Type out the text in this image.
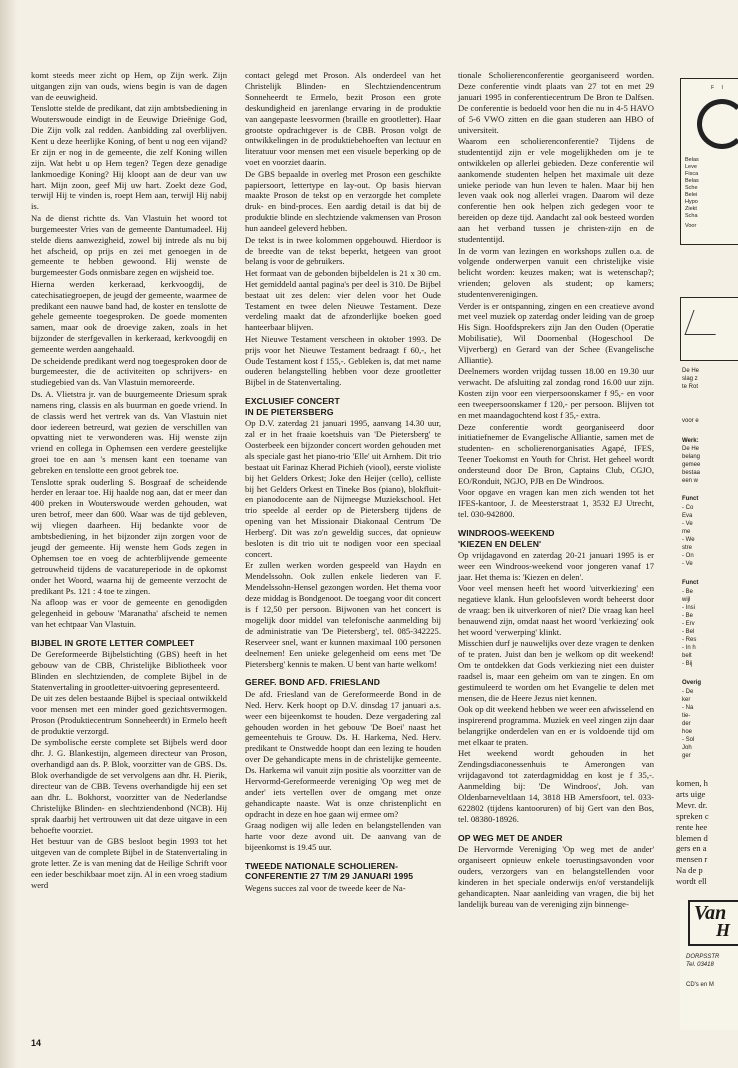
komt steeds meer zicht op Hem, op Zijn werk. Zijn uitgangen zijn van ouds, wiens begin is van de dagen van de eeuwigheid.

Tenslotte stelde de predikant, dat zijn ambtsbediening in Wouterswoude eindigt in de Eeuwige Drieënige God, Die Zijn volk zal redden. Aanbidding zal overblijven. Kent u deze heerlijke Koning, of bent u nog een vijand? Er zijn er nog in de gemeente, die zelf Koning willen zijn. Wat hebt u op Hem tegen? Tegen deze genadige lankmoedige Koning? Hij kloopt aan de deur van uw hart. Mijn zoon, geef Mij uw hart. Zoekt deze God, terwijl Hij te vinden is, roept Hem aan, terwijl Hij nabij is.

Na de dienst richtte ds. Van Vlastuin het woord tot burgemeester Vries van de gemeente Dantumadeel. Hij stelde diens aanwezigheid, zowel bij intrede als nu bij het afscheid, op prijs en zei met genoegen in de gemeente te hebben gewoond. Hij wenste de burgemeester Gods onmisbare zegen en wijsheid toe.

Hierna werden kerkeraad, kerkvoogdij, de catechisatiegroepen, de jeugd der gemeente, waarmee de predikant een nauwe band had, de koster en tenslotte de gehele gemeente toegesproken. De goede momenten samen, maar ook de droevige zaken, zoals in het bijzonder de sterfgevallen in kerkeraad, kerkvoogdij en gemeente werden aangehaald.

De scheidende predikant werd nog toegesproken door de burgemeester, die de activiteiten op schrijvers- en studiegebied van ds. Van Vlastuin memoreerde.

Ds. A. Vlietstra jr. van de buurgemeente Driesum sprak namens ring, classis en als buurman en goede vriend. In de classis werd het vertrek van ds. Van Vlastuin niet door iedereen betreurd, wat gezien de verschillen van opvatting niet te verwonderen was. Hij wenste zijn vriend en collega in Ophemsen een verdere geestelijke groei toe en aan 's mensen kant een toename van gebreken en tenslotte een groot gebrek toe.

Tenslotte sprak ouderling S. Bosgraaf de scheidende herder en leraar toe. Hij haalde nog aan, dat er meer dan 400 preken in Wouterswoude werden gehouden, wat uren betrof, meer dan 600. Waar was de tijd gebleven, wij vliegen daarheen. Hij bedankte voor de ambtsbediening, in het bijzonder zijn zorgen voor de jeugd der gemeente. Hij wenste hem Gods zegen in Ophemsen toe en voeg de achterblijvende gemeente getrouwheid tijdens de vacatureperiode in de opkomst onder het Woord, waarna hij de gemeente verzocht de predikant Ps. 121 : 4 toe te zingen.

Na afloop was er voor de gemeente en genodigden gelegenheid in gebouw 'Maranatha' afscheid te nemen van het echtpaar Van Vlastuin.

BIJBEL IN GROTE LETTER COMPLEET

De Gereformeerde Bijbelstichting (GBS) heeft in het gebouw van de CBB, Christelijke Bibliotheek voor Blinden en slechtzienden, de complete Bijbel in de Statenvertaling in grootletter-uitvoering gepresenteerd.

De uit zes delen bestaande Bijbel is speciaal ontwikkeld voor mensen met een minder goed gezichtsvermogen. Proson (Produktiecentrum Sonneheerdt) in Ermelo heeft de produktie verzorgd.

De symbolische eerste complete set Bijbels werd door dhr. J. G. Blankestijn, algemeen directeur van Proson, overhandigd aan ds. P. Blok, voorzitter van de GBS. Ds. Blok overhandigde de set vervolgens aan dhr. H. Pierik, directeur van de CBB. Tevens overhandigde hij een set aan dhr. L. Bokhorst, voorzitter van de Nederlandse Christelijke Blinden- en slechtziendenbond (NCB). Hij sprak daarbij het vertrouwen uit dat deze uitgave in een behoefte voorziet.

Het bestuur van de GBS besloot begin 1993 tot het uitgeven van de complete Bijbel in de Statenvertaling in grote letter. Ze is van mening dat de Heilige Schrift voor een ieder beschikbaar moet zijn. Al in een vroeg stadium werd

contact gelegd met Proson. Als onderdeel van het Christelijk Blinden- en Slechtziendencentrum Sonneheerdt te Ermelo, bezit Proson een grote deskundigheid en jarenlange ervaring in de produktie van aangepaste leesvormen (braille en grootletter). Haar grootste opdrachtgever is de CBB. Proson volgt de ontwikkelingen in de produktiebehoeften van lectuur en literatuur voor mensen met een visuele beperking op de voet en voorziet daarin.

De GBS bepaalde in overleg met Proson een geschikte papiersoort, lettertype en lay-out. Op basis hiervan maakte Proson de tekst op en verzorgde het complete druk- en bind-proces. Een aardig detail is dat bij de produktie blinde en slechtziende vakmensen van Proson hun aandeel geleverd hebben.

De tekst is in twee kolommen opgebouwd. Hierdoor is de breedte van de tekst beperkt, hetgeen van groot belang is voor de gebruikers.

Het formaat van de gebonden bijbeldelen is 21 x 30 cm. Het gemiddeld aantal pagina's per deel is 310. De Bijbel bestaat uit zes delen: vier delen voor het Oude Testament en twee delen Nieuwe Testament. Deze verdeling maakt dat de afzonderlijke boeken goed hanteerbaar blijven.

Het Nieuwe Testament verscheen in oktober 1993. De prijs voor het Nieuwe Testament bedraagt f 60,-, het Oude Testament kost f 155,-. Gebleken is, dat met name ouderen belangstelling hebben voor deze grootletter Bijbel in de Statenvertaling.

EXCLUSIEF CONCERT
IN DE PIETERSBERG

Op D.V. zaterdag 21 januari 1995, aanvang 14.30 uur, zal er in het fraaie koetshuis van 'De Pietersberg' te Oosterbeek een bijzonder concert worden gehouden met als speciale gast het piano-trio 'Elle' uit Arnhem. Dit trio bestaat uit Farinaz Kherad Pichieh (viool), eerste violiste bij het Gelders Orkest; Joke den Heijer (cello), celliste bij het Gelders Orkest en Tineke Bos (piano), blokfluit- en pianodocente aan de Nijmeegse Muziekschool. Het trio speelde al eerder op de Pietersberg tijdens de opening van het Missionair Diakonaal Centrum 'De Herberg'. Dit was zo'n geweldig succes, dat opnieuw besloten is dit trio uit te nodigen voor een speciaal concert.

Er zullen werken worden gespeeld van Haydn en Mendelssohn. Ook zullen enkele liederen van F. Mendelssohn-Hensel gezongen worden. Het thema voor deze middag is Bondgenoot. De toegang voor dit concert is f 12,50 per persoon. Bijwonen van het concert is mogelijk door middel van telefonische aanmelding bij de administratie van 'De Pietersberg', tel. 085-342225. Reserveer snel, want er kunnen maximaal 100 personen deelnemen! Een unieke gelegenheid om eens met 'De Pietersberg' kennis te maken. U bent van harte welkom!

GEREF. BOND AFD. FRIESLAND

De afd. Friesland van de Gereformeerde Bond in de Ned. Herv. Kerk hoopt op D.V. dinsdag 17 januari a.s. weer een bijeenkomst te houden. Deze vergadering zal gehouden worden in het gebouw 'De Boei' naast het gemeentehuis te Grouw. Ds. H. Harkema, Ned. Herv. predikant te Onstwedde hoopt dan een lezing te houden over De gehandicapte mens in de christelijke gemeente. Ds. Harkema wil vanuit zijn positie als voorzitter van de Hervormd-Gereformeerde vereniging 'Op weg met de ander' iets vertellen over de omgang met onze gehandicapte naaste. Wat is onze christenplicht en opdracht in deze en hoe gaan wij ermee om?

Graag nodigen wij alle leden en belangstellenden van harte voor deze avond uit. De aanvang van de bijeenkomst is 19.45 uur.

TWEEDE NATIONALE SCHOLIEREN-
CONFERENTIE 27 T/M 29 JANUARI 1995

Wegens succes zal voor de tweede keer de Na-

tionale Scholierenconferentie georganiseerd worden. Deze conferentie vindt plaats van 27 tot en met 29 januari 1995 in conferentiecentrum De Bron te Dalfsen. De conferentie is bedoeld voor hen die nu in 4-5 HAVO of 5-6 VWO zitten en die gaan studeren aan HBO of universiteit.

Waarom een scholierenconferentie? Tijdens de studententijd zijn er vele mogelijkheden om je te ontwikkelen op allerlei gebieden. Deze conferentie wil aankomende studenten helpen het maximale uit deze unieke periode van hun leven te halen. Maar bij hen leven vaak ook nog allerlei vragen. Daarom wil deze conferentie hen ook helpen zich gedegen voor te bereiden op deze tijd. Aandacht zal ook besteed worden aan het verband tussen je christen-zijn en de studententijd.

In de vorm van lezingen en workshops zullen o.a. de volgende onderwerpen vanuit een christelijke visie belicht worden: keuzes maken; wat is wetenschap?; vrienden; geloven als student; op kamers; studentenverenigingen.

Verder is er ontspanning, zingen en een creatieve avond met veel muziek op zaterdag onder leiding van de groep His Sign. Hoofdsprekers zijn Jan den Ouden (Operatie Mobilisatie), Wil Doornenbal (Hogeschool De Vijverberg) en Gerard van der Schee (Evangelische Alliantie).

Deelnemers worden vrijdag tussen 18.00 en 19.30 uur verwacht. De afsluiting zal zondag rond 16.00 uur zijn. Kosten zijn voor een vierpersoonskamer f 95,- en voor een tweepersoonskamer f 120,- per persoon. Blijven tot en met maandagochtend kost f 35,- extra.

Deze conferentie wordt georganiseerd door initiatiefnemer de Evangelische Alliantie, samen met de studenten- en scholierenorganisaties Agapé, IFES, Teener Toekomst en Youth for Christ. Het geheel wordt ondersteund door De Bron, Captains Club, CGJO, EO/Ronduit, NGJO, PJB en De Windroos.

Voor opgave en vragen kan men zich wenden tot het IFES-kantoor, J. de Meesterstraat 1, 3532 EJ Utrecht, tel. 030-942800.

WINDROOS-WEEKEND
'KIEZEN EN DELEN'

Op vrijdagavond en zaterdag 20-21 januari 1995 is er weer een Windroos-weekend voor jongeren vanaf 17 jaar. Het thema is: 'Kiezen en delen'.

Voor veel mensen heeft het woord 'uitverkiezing' een negatieve klank. Hun geloofsleven wordt beheerst door de vraag: ben ik uitverkoren of niet? Die vraag kan heel benauwend zijn, omdat naast het woord 'verkiezing' ook het woord 'verwerping' klinkt.

Misschien durf je nauwelijks over deze vragen te denken of te praten. Juist dan ben je welkom op dit weekend! Om te ontdekken dat Gods verkiezing niet een duister raadsel is, maar een geheim om van te zingen. En om gestimuleerd te worden om het Evangelie te delen met mensen, die de Heere Jezus niet kennen.

Ook op dit weekend hebben we weer een afwisselend en inspirerend programma. Muziek en veel zingen zijn daar belangrijke onderdelen van en er is voldoende tijd om met elkaar te praten.

Het weekend wordt gehouden in het Zendingsdiaconessenhuis te Amerongen van vrijdagavond tot zaterdagmiddag en kost je f 35,-. Aanmelding bij: 'De Windroos', Joh. van Oldenbarneveltlaan 14, 3818 HB Amersfoort, tel. 033-622802 (tijdens kantooruren) of bij Gert van den Bos, tel. 08380-18926.

OP WEG MET DE ANDER

De Hervormde Vereniging 'Op weg met de ander' organiseert opnieuw enkele toerustingsavonden voor ouders, verzorgers van en belangstellenden voor kinderen in het speciale onderwijs en/of verstandelijk gehandicapten. Naar aanleiding van vragen, die bij het landelijk bureau van de vereniging zijn binnenge-

14
F I
Belas
Leve
Fisca
Belas
Sche
Belei
Hypo
Ziekt
Scha
Voor
De He
slag z
te Rot
voor e
Werk:
De He
belang
gemee
bestaa
een w
Funct
- Co
Eva
- Ve
me
- We
stre
- On
- Ve
Funct
- Be
wijl
- Insi
- Be
- Erv
- Bel
- Res
- In h
belt
- Bij
Overig
- De
ker
- Na
tie-
der
hoe
- Sol
Joh
ger
komen, h
arts uige
Mevr. dr.
spreken c
rente hee
blemen d
gers en a
mensen r
Na de p
wordt ell
Van
H
DORPSSTR
Tel. 03418
CD's en M
